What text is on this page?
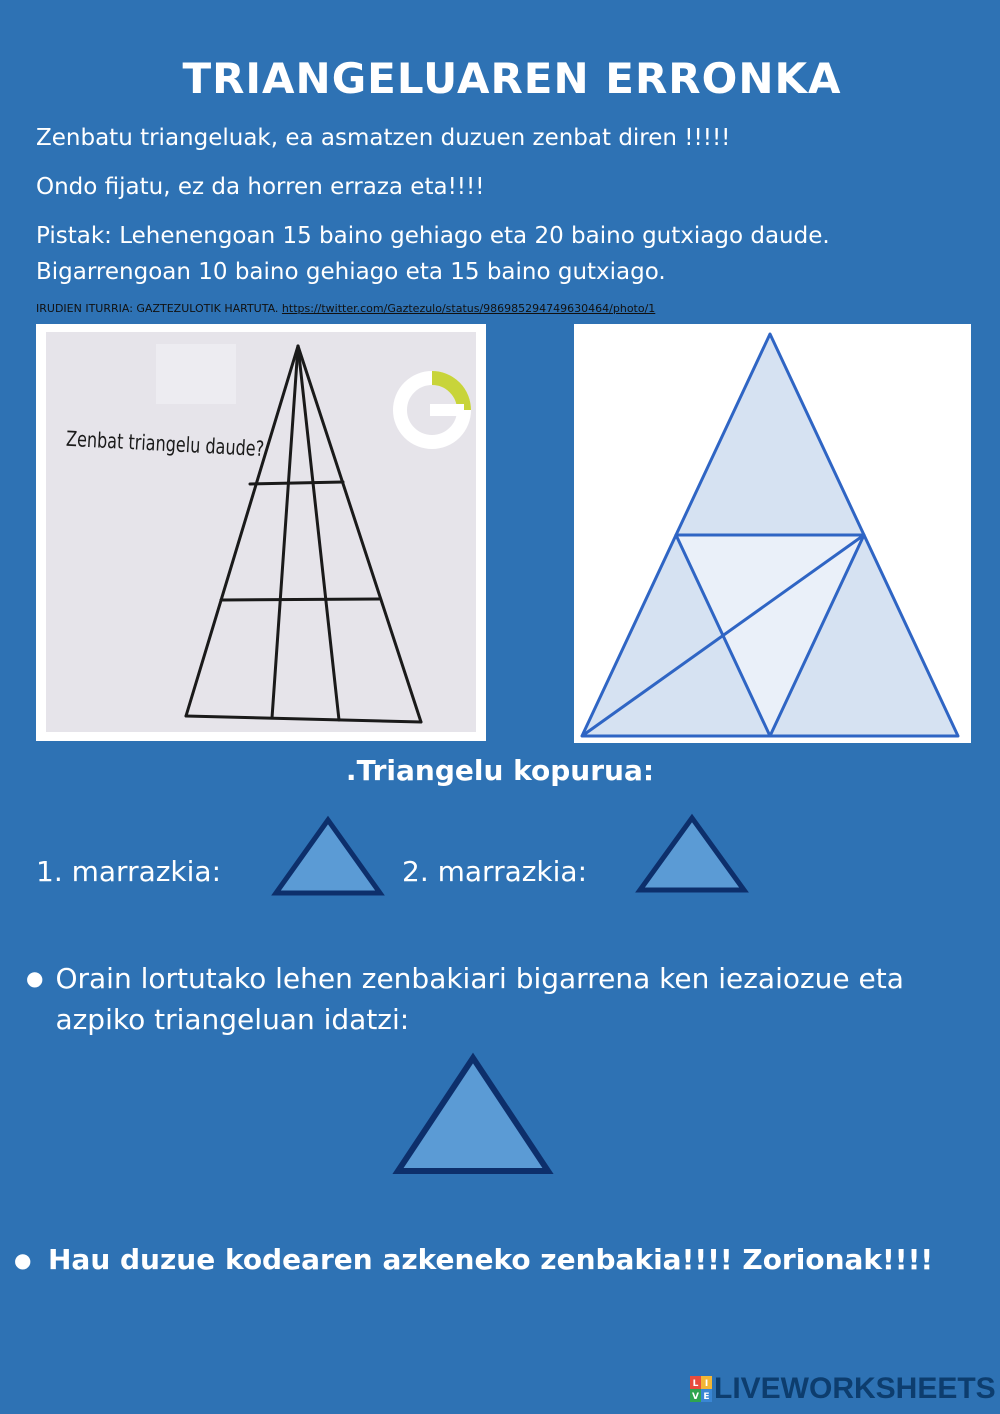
TRIANGELUAREN ERRONKA

Zenbatu triangeluak, ea asmatzen duzuen zenbat diren !!!!!

Ondo fijatu, ez da horren erraza eta!!!!

Pistak: Lehenengoan 15 baino gehiago eta 20 baino gutxiago daude. Bigarrengoan 10 baino gehiago eta 15 baino gutxiago.

IRUDIEN ITURRIA: GAZTEZULOTIK HARTUTA. https://twitter.com/Gaztezulo/status/986985294749630464/photo/1

Zenbat triangelu daude?
.Triangelu kopurua:

1. marrazkia:	2. marrazkia:

● Orain lortutako lehen zenbakiari bigarrena ken iezaiozue eta azpiko triangeluan idatzi:
● Hau duzue kodearen azkeneko zenbakia!!!! Zorionak!!!!
L I
V E LIVEWORKSHEETS
